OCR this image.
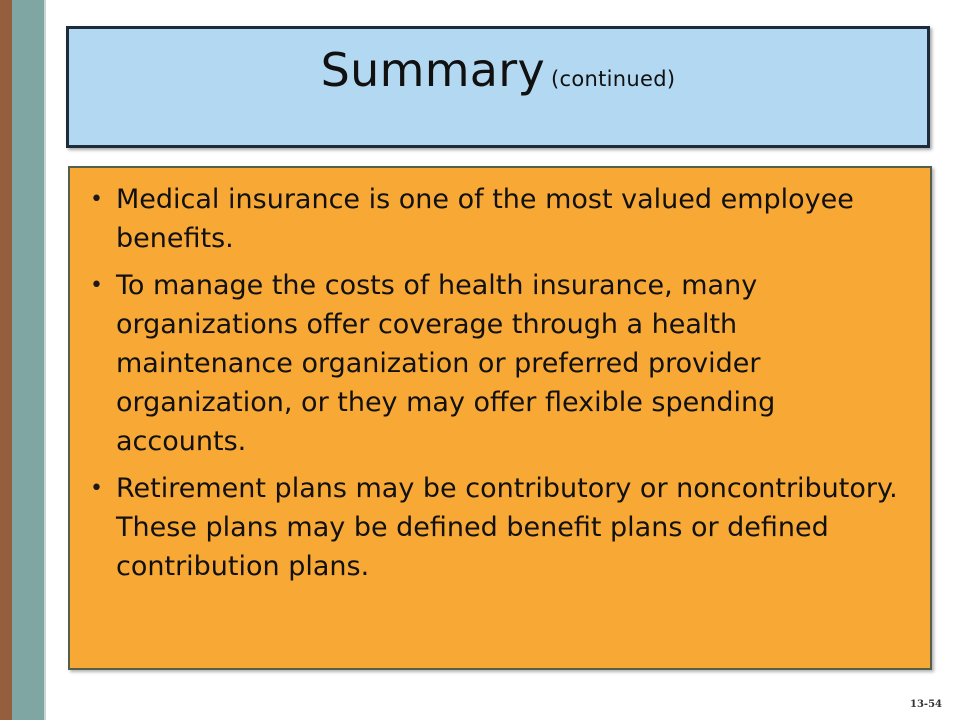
Summary (continued)
• Medical insurance is one of the most valued employee benefits.
• To manage the costs of health insurance, many organizations offer coverage through a health maintenance organization or preferred provider organization, or they may offer flexible spending accounts.
• Retirement plans may be contributory or noncontributory. These plans may be defined benefit plans or defined contribution plans.
13-54
